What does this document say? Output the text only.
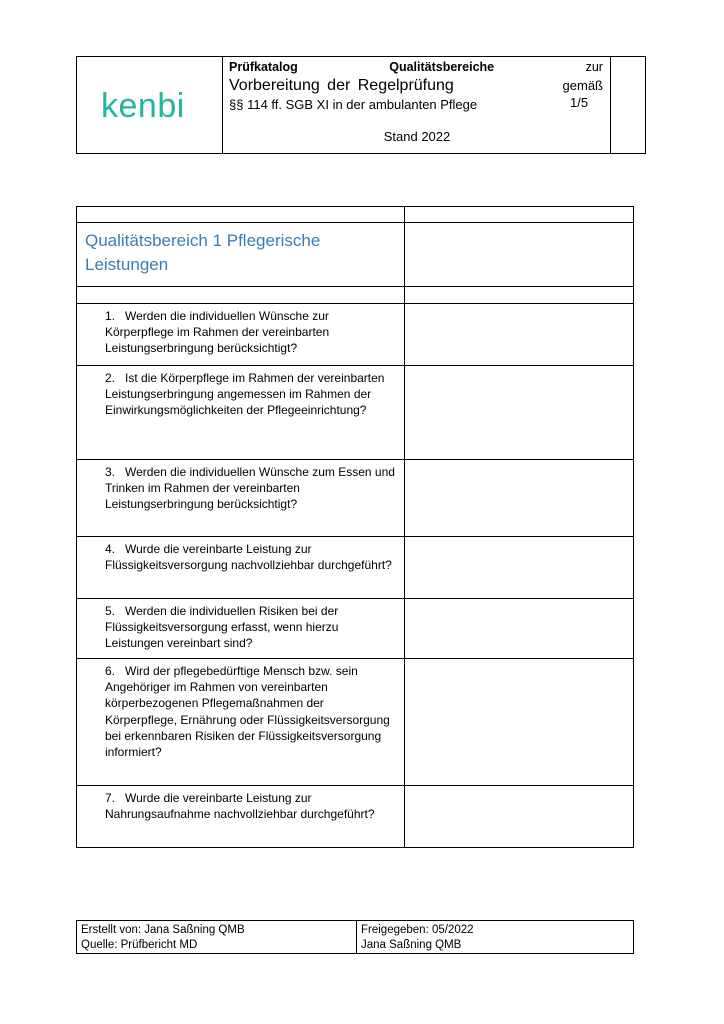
kenbi
Prüfkatalog	Qualitätsbereiche	zur
Vorbereitung der Regelprüfung	gemäß
§§ 114 ff. SGB XI in der ambulanten Pflege
Stand 2022
1/5

Qualitätsbereich 1 Pflegerische Leistungen	

1. Werden die individuellen Wünsche zur Körperpflege im Rahmen der vereinbarten Leistungserbringung berücksichtigt?	
2. Ist die Körperpflege im Rahmen der vereinbarten Leistungserbringung angemessen im Rahmen der Einwirkungsmöglichkeiten der Pflegeeinrichtung?	
3. Werden die individuellen Wünsche zum Essen und Trinken im Rahmen der vereinbarten Leistungserbringung berücksichtigt?	
4. Wurde die vereinbarte Leistung zur Flüssigkeitsversorgung nachvollziehbar durchgeführt?	
5. Werden die individuellen Risiken bei der Flüssigkeitsversorgung erfasst, wenn hierzu Leistungen vereinbart sind?	
6. Wird der pflegebedürftige Mensch bzw. sein Angehöriger im Rahmen von vereinbarten körperbezogenen Pflegemaßnahmen der Körperpflege, Ernährung oder Flüssigkeitsversorgung bei erkennbaren Risiken der Flüssigkeitsversorgung informiert?	
7. Wurde die vereinbarte Leistung zur Nahrungsaufnahme nachvollziehbar durchgeführt?	
Erstellt von: Jana Saßning QMB
Quelle: Prüfbericht MD
Freigegeben: 05/2022
Jana Saßning QMB
